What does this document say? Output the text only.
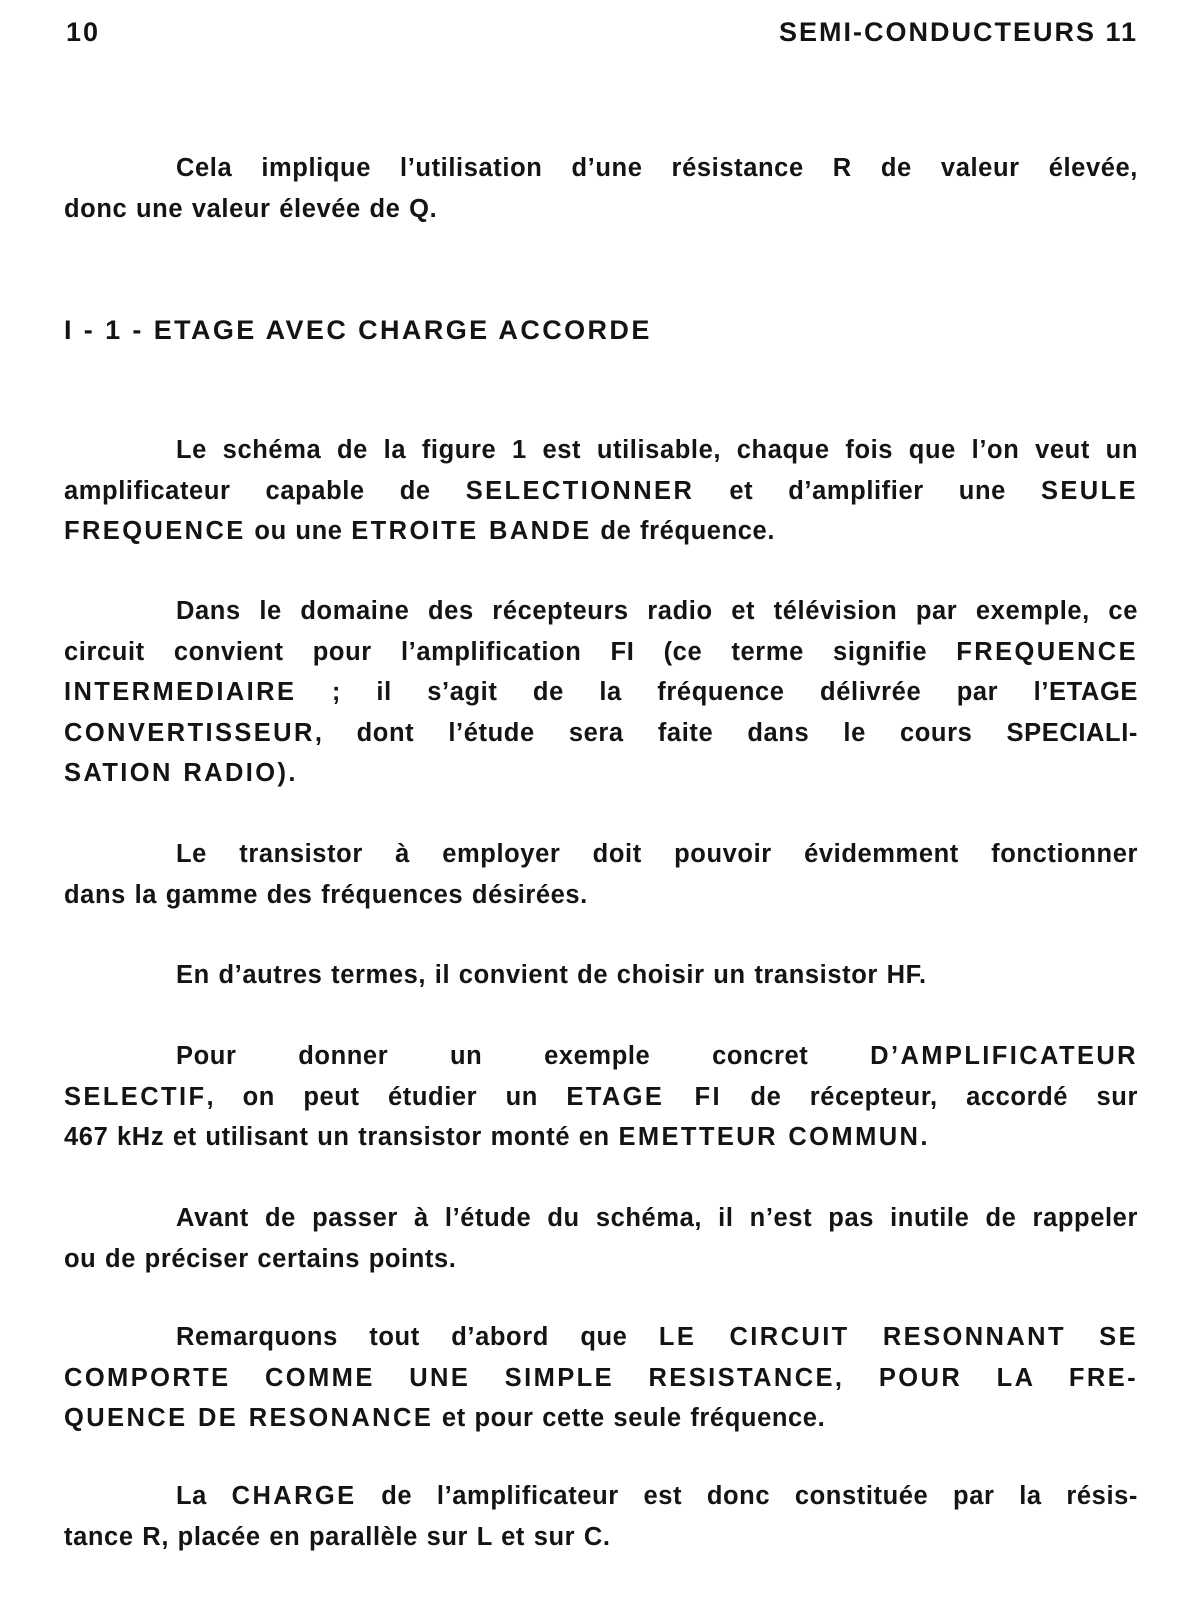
10	SEMI-CONDUCTEURS 11
Cela implique l’utilisation d’une résistance R de valeur élevée,
donc une valeur élevée de Q.
I - 1 - ETAGE AVEC CHARGE ACCORDE
Le schéma de la figure 1 est utilisable, chaque fois que l’on veut un
amplificateur capable de SELECTIONNER et d’amplifier une SEULE
FREQUENCE ou une ETROITE BANDE de fréquence.
Dans le domaine des récepteurs radio et télévision par exemple, ce
circuit convient pour l’amplification FI (ce terme signifie FREQUENCE
INTERMEDIAIRE ; il s’agit de la fréquence délivrée par l’ETAGE
CONVERTISSEUR, dont l’étude sera faite dans le cours SPECIALI-
SATION RADIO).
Le transistor à employer doit pouvoir évidemment fonctionner
dans la gamme des fréquences désirées.
En d’autres termes, il convient de choisir un transistor HF.
Pour donner un exemple concret D’AMPLIFICATEUR
SELECTIF, on peut étudier un ETAGE FI de récepteur, accordé sur
467 kHz et utilisant un transistor monté en EMETTEUR COMMUN.
Avant de passer à l’étude du schéma, il n’est pas inutile de rappeler
ou de préciser certains points.
Remarquons tout d’abord que LE CIRCUIT RESONNANT SE
COMPORTE COMME UNE SIMPLE RESISTANCE, POUR LA FRE-
QUENCE DE RESONANCE et pour cette seule fréquence.
La CHARGE de l’amplificateur est donc constituée par la résis-
tance R, placée en parallèle sur L et sur C.
